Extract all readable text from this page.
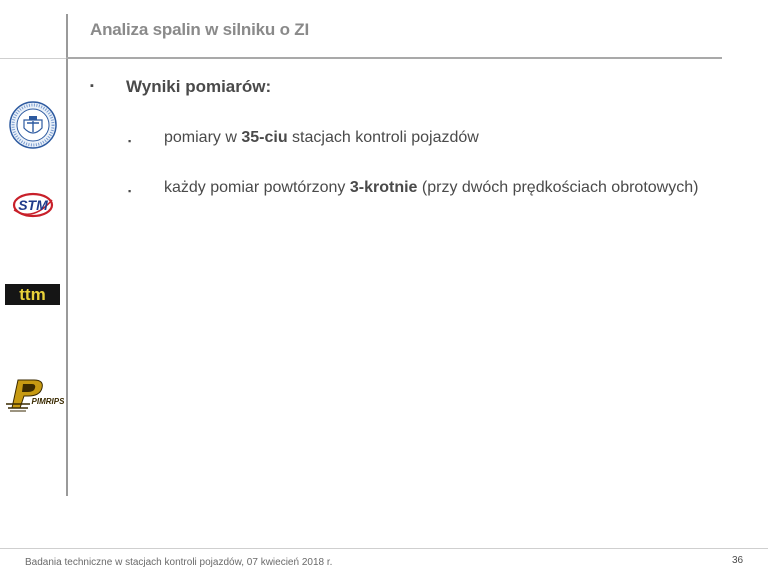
Analiza spalin w silniku o ZI
▪ Wyniki pomiarów:
▪ pomiary w 35-ciu stacjach kontroli pojazdów
▪ każdy pomiar powtórzony 3-krotnie (przy dwóch prędkościach obrotowych)
STM
ttm
PIMRIPS
Badania techniczne w stacjach kontroli pojazdów, 07 kwiecień 2018 r.	36
